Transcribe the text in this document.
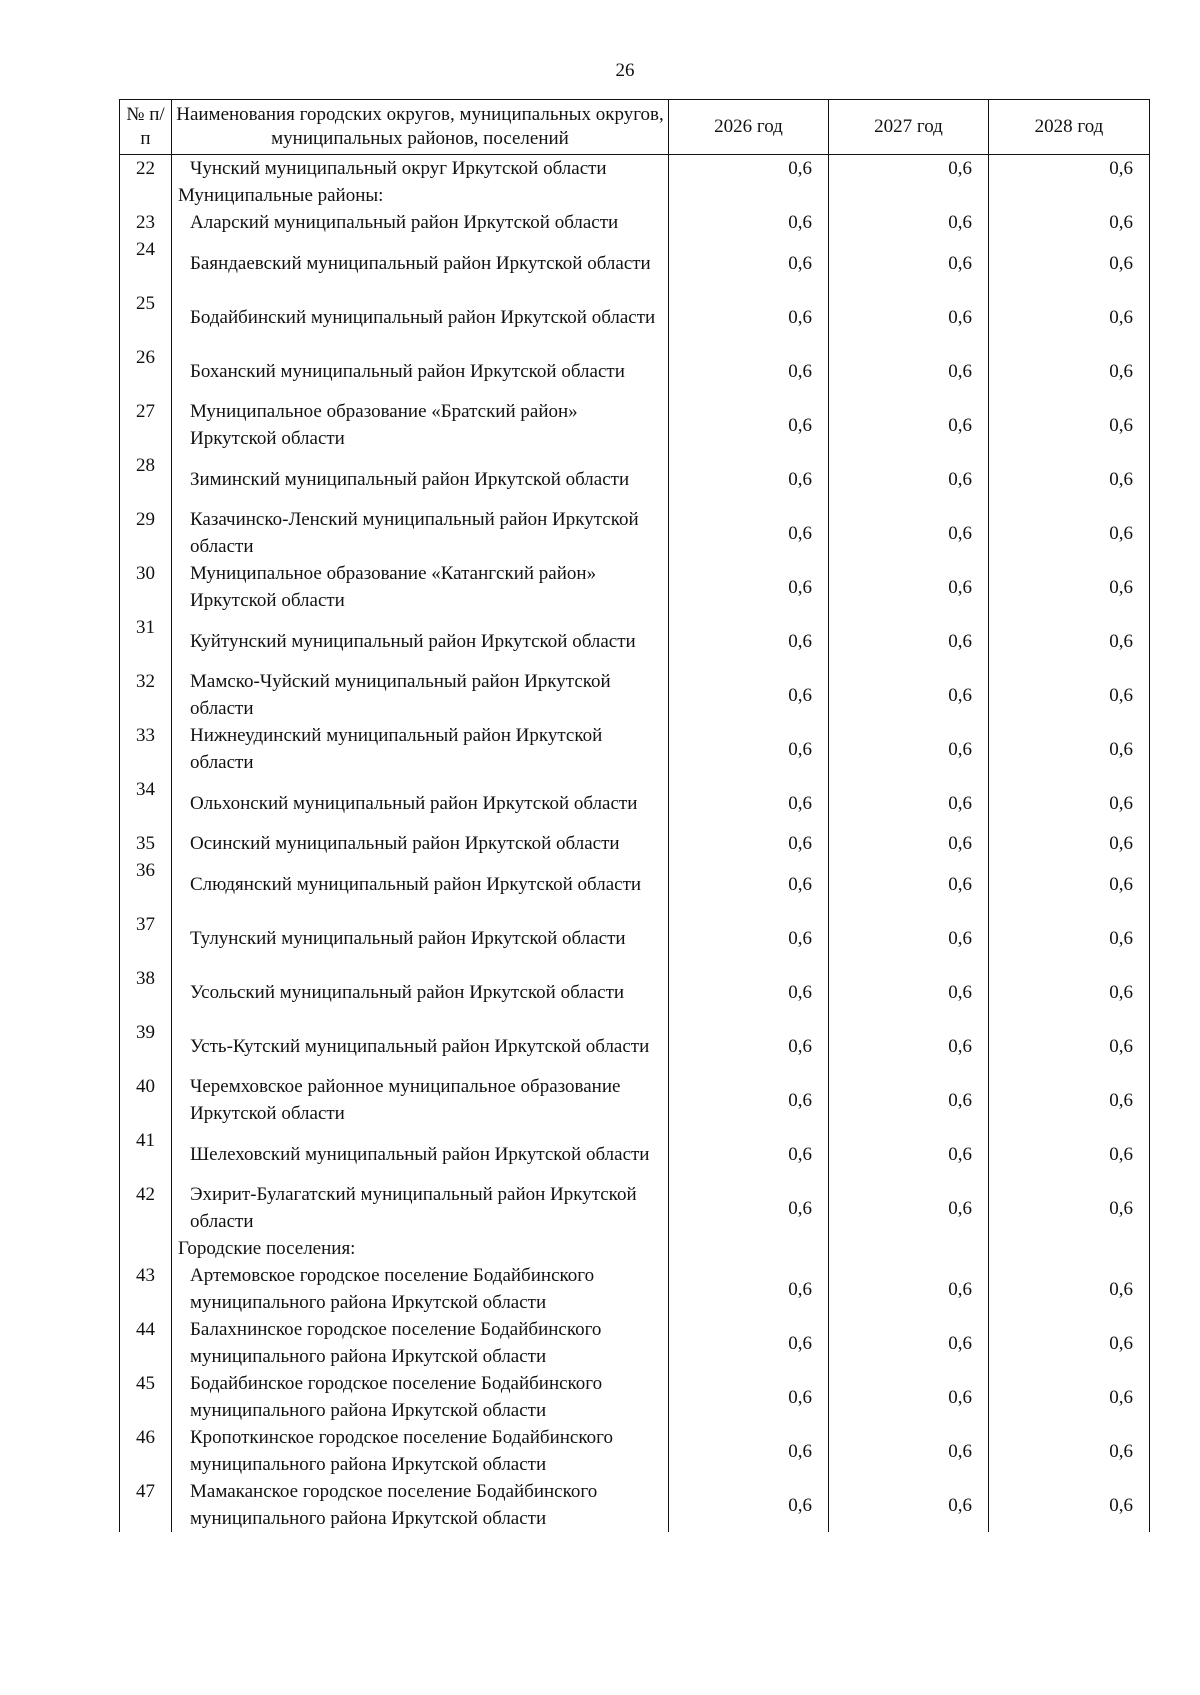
26
№ п/п	Наименования городских округов, муниципальных округов, муниципальных районов, поселений	2026 год	2027 год	2028 год
22	Чунский муниципальный округ Иркутской области	0,6	0,6	0,6
	Муниципальные районы:			
23	Аларский муниципальный район Иркутской области	0,6	0,6	0,6
24	Баяндаевский муниципальный район Иркутской области	0,6	0,6	0,6
25	Бодайбинский муниципальный район Иркутской области	0,6	0,6	0,6
26	Боханский муниципальный район Иркутской области	0,6	0,6	0,6
27	Муниципальное образование «Братский район» Иркутской области	0,6	0,6	0,6
28	Зиминский муниципальный район Иркутской области	0,6	0,6	0,6
29	Казачинско-Ленский муниципальный район Иркутской области	0,6	0,6	0,6
30	Муниципальное образование «Катангский район» Иркутской области	0,6	0,6	0,6
31	Куйтунский муниципальный район Иркутской области	0,6	0,6	0,6
32	Мамско-Чуйский муниципальный район Иркутской области	0,6	0,6	0,6
33	Нижнеудинский муниципальный район Иркутской области	0,6	0,6	0,6
34	Ольхонский муниципальный район Иркутской области	0,6	0,6	0,6
35	Осинский муниципальный район Иркутской области	0,6	0,6	0,6
36	Слюдянский муниципальный район Иркутской области	0,6	0,6	0,6
37	Тулунский муниципальный район Иркутской области	0,6	0,6	0,6
38	Усольский муниципальный район Иркутской области	0,6	0,6	0,6
39	Усть-Кутский муниципальный район Иркутской области	0,6	0,6	0,6
40	Черемховское районное муниципальное образование Иркутской области	0,6	0,6	0,6
41	Шелеховский муниципальный район Иркутской области	0,6	0,6	0,6
42	Эхирит-Булагатский муниципальный район Иркутской области	0,6	0,6	0,6
	Городские поселения:			
43	Артемовское городское поселение Бодайбинского муниципального района Иркутской области	0,6	0,6	0,6
44	Балахнинское городское поселение Бодайбинского муниципального района Иркутской области	0,6	0,6	0,6
45	Бодайбинское городское поселение Бодайбинского муниципального района Иркутской области	0,6	0,6	0,6
46	Кропоткинское городское поселение Бодайбинского муниципального района Иркутской области	0,6	0,6	0,6
47	Мамаканское городское поселение Бодайбинского муниципального района Иркутской области	0,6	0,6	0,6
